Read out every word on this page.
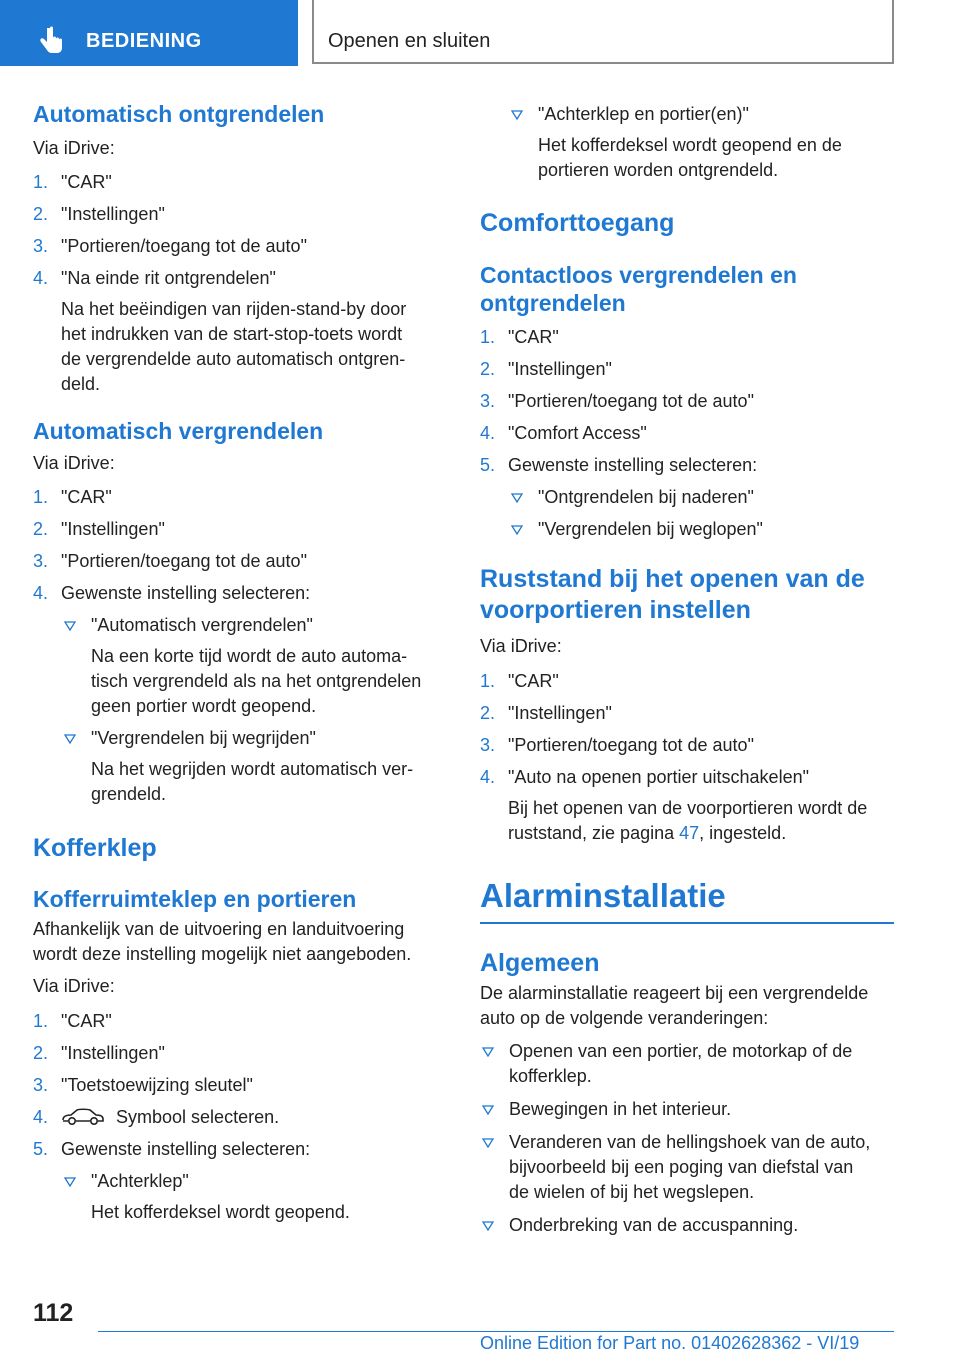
BEDIENING	Openen en sluiten
Automatisch ontgrendelen

Via iDrive:

1. "CAR"
2. "Instellingen"
3. "Portieren/toegang tot de auto"
4. "Na einde rit ontgrendelen"
Na het beëindigen van rijden-stand-by door
het indrukken van de start-stop-toets wordt
de vergrendelde auto automatisch ontgren-
deld.
Automatisch vergrendelen

Via iDrive:

1. "CAR"
2. "Instellingen"
3. "Portieren/toegang tot de auto"
4. Gewenste instelling selecteren:
"Automatisch vergrendelen"
Na een korte tijd wordt de auto automa-
tisch vergrendeld als na het ontgrendelen
geen portier wordt geopend.
"Vergrendelen bij wegrijden"
Na het wegrijden wordt automatisch ver-
grendeld.
Kofferklep
Kofferruimteklep en portieren

Afhankelijk van de uitvoering en landuitvoering

wordt deze instelling mogelijk niet aangeboden.

Via iDrive:

1. "CAR"
2. "Instellingen"
3. "Toetstoewijzing sleutel"
4.	Symbool selecteren.
5. Gewenste instelling selecteren:
"Achterklep"
Het kofferdeksel wordt geopend.
"Achterklep en portier(en)"
Het kofferdeksel wordt geopend en de
portieren worden ontgrendeld.
Comforttoegang
Contactloos vergrendelen en
ontgrendelen
1. "CAR"
2. "Instellingen"
3. "Portieren/toegang tot de auto"
4. "Comfort Access"
5. Gewenste instelling selecteren:
"Ontgrendelen bij naderen"
"Vergrendelen bij weglopen"
Ruststand bij het openen van de
voorportieren instellen

Via iDrive:

1. "CAR"
2. "Instellingen"
3. "Portieren/toegang tot de auto"
4. "Auto na openen portier uitschakelen"
Bij het openen van de voorportieren wordt de
ruststand, zie pagina 47, ingesteld.
Alarminstallatie
Algemeen

De alarminstallatie reageert bij een vergrendelde

auto op de volgende veranderingen:

Openen van een portier, de motorkap of de
kofferklep.
Bewegingen in het interieur.
Veranderen van de hellingshoek van de auto,
bijvoorbeeld bij een poging van diefstal van
de wielen of bij het wegslepen.
Onderbreking van de accuspanning.
112
Online Edition for Part no. 01402628362 - VI/19
